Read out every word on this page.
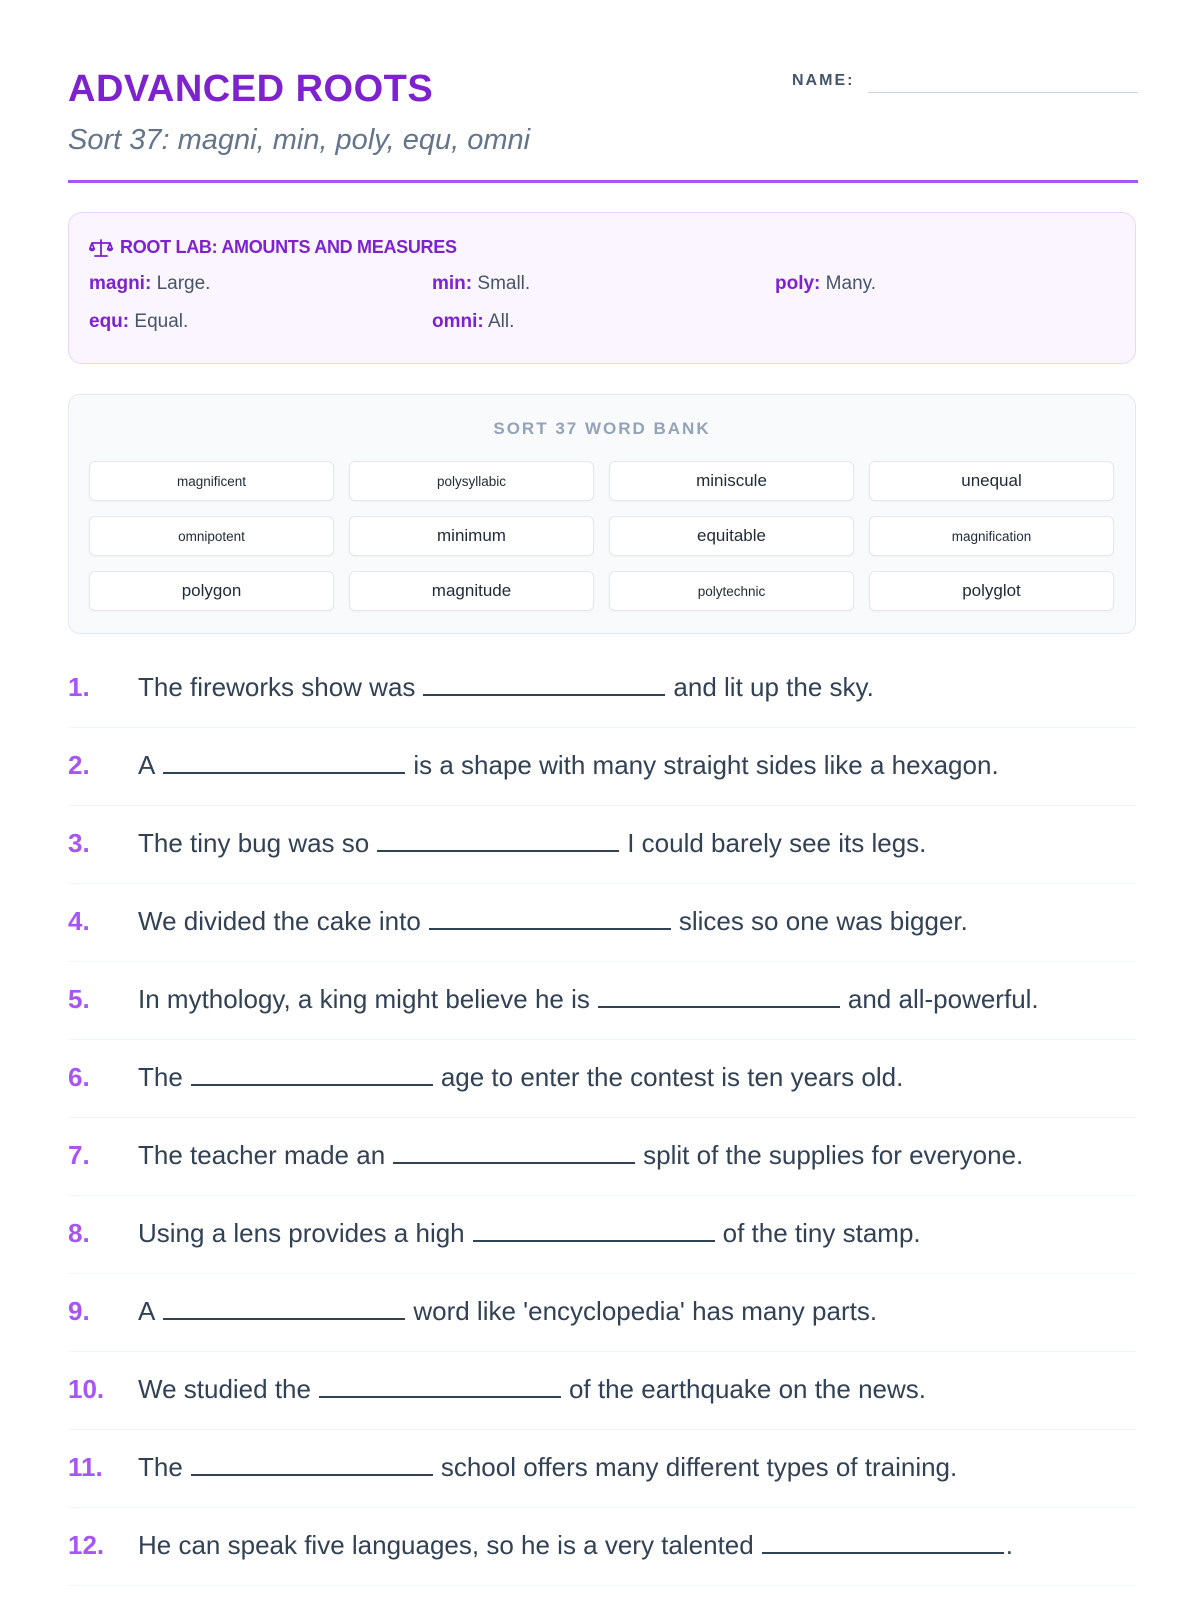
ADVANCED ROOTS
Sort 37: magni, min, poly, equ, omni
NAME:
ROOT LAB: AMOUNTS AND MEASURES
magni: Large.	min: Small.	poly: Many.
equ: Equal.	omni: All.
SORT 37 WORD BANK
magnificent	polysyllabic	miniscule	unequal
omnipotent	minimum	equitable	magnification
polygon	magnitude	polytechnic	polyglot
1. The fireworks show was	and lit up the sky.
2. A	is a shape with many straight sides like a hexagon.
3. The tiny bug was so	I could barely see its legs.
4. We divided the cake into	slices so one was bigger.
5. In mythology, a king might believe he is	and all-powerful.
6. The	age to enter the contest is ten years old.
7. The teacher made an	split of the supplies for everyone.
8. Using a lens provides a high	of the tiny stamp.
9. A	word like 'encyclopedia' has many parts.
10. We studied the	of the earthquake on the news.
11. The	school offers many different types of training.
12. He can speak five languages, so he is a very talented	.
